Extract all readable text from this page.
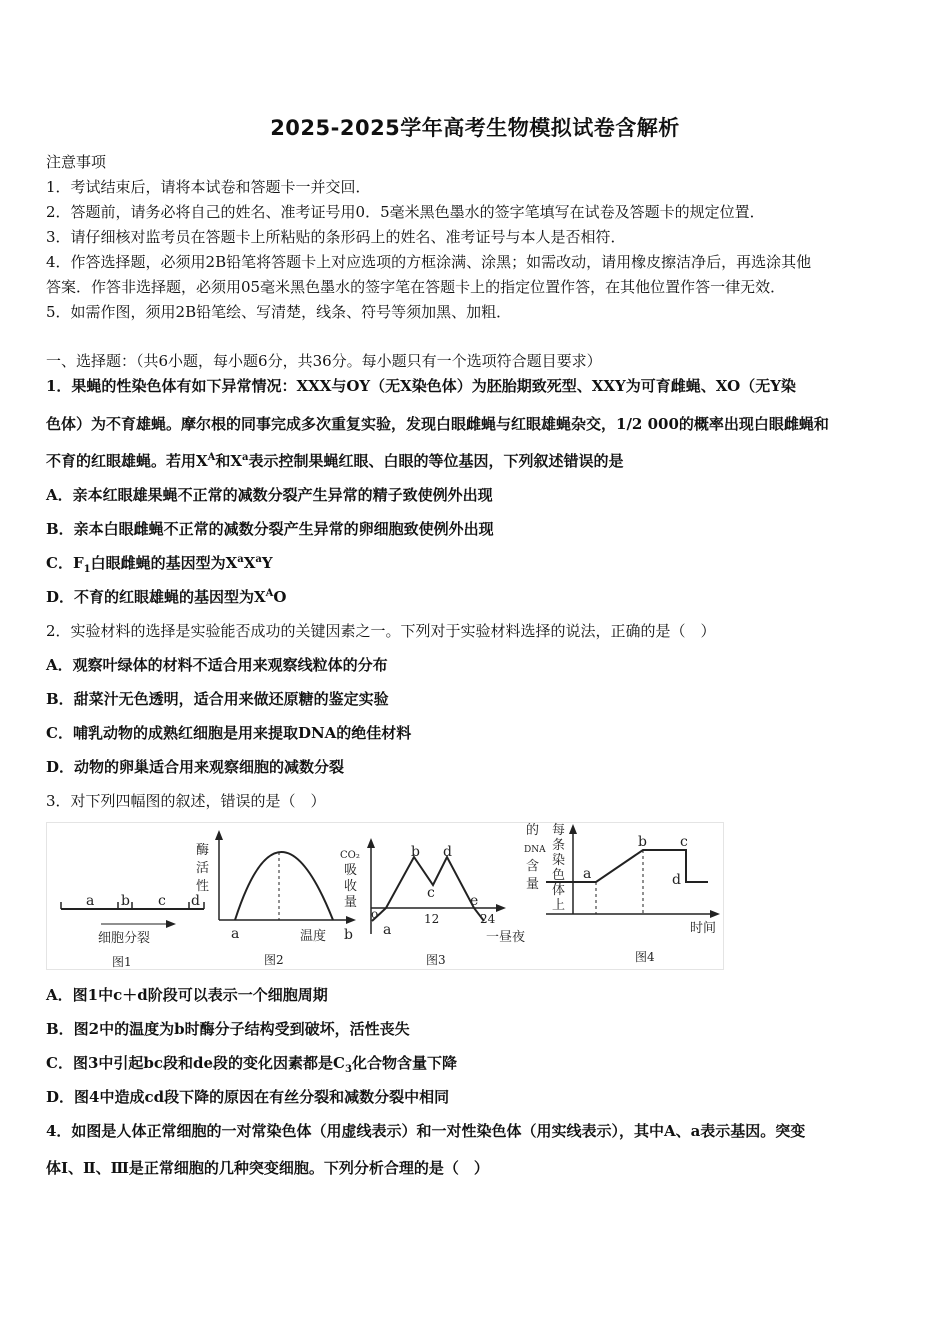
2025-2025学年高考生物模拟试卷含解析
注意事项
1．考试结束后，请将本试卷和答题卡一并交回．
2．答题前，请务必将自己的姓名、准考证号用0．5毫米黑色墨水的签字笔填写在试卷及答题卡的规定位置．
3．请仔细核对监考员在答题卡上所粘贴的条形码上的姓名、准考证号与本人是否相符．
4．作答选择题，必须用2B铅笔将答题卡上对应选项的方框涂满、涂黑；如需改动，请用橡皮擦洁净后，再选涂其他
答案．作答非选择题，必须用05毫米黑色墨水的签字笔在答题卡上的指定位置作答，在其他位置作答一律无效．
5．如需作图，须用2B铅笔绘、写清楚，线条、符号等须加黑、加粗．
一、选择题：（共6小题，每小题6分，共36分。每小题只有一个选项符合题目要求）
1．果蝇的性染色体有如下异常情况：XXX与OY（无X染色体）为胚胎期致死型、XXY为可育雌蝇、XO（无Y染
色体）为不育雄蝇。摩尔根的同事完成多次重复实验，发现白眼雌蝇与红眼雄蝇杂交，1/2 000的概率出现白眼雌蝇和
不育的红眼雄蝇。若用$X^A$和$X^a$表示控制果蝇红眼、白眼的等位基因，下列叙述错误的是
A．亲本红眼雄果蝇不正常的减数分裂产生异常的精子致使例外出现
B．亲本白眼雌蝇不正常的减数分裂产生异常的卵细胞致使例外出现
C．$F_1$白眼雌蝇的基因型为$X^aX^aY$
D．不育的红眼雄蝇的基因型为$X^AO$
2．实验材料的选择是实验能否成功的关键因素之一。下列对于实验材料选择的说法，正确的是（　）
A．观察叶绿体的材料不适合用来观察线粒体的分布
B．甜菜汁无色透明，适合用来做还原糖的鉴定实验
C．哺乳动物的成熟红细胞是用来提取DNA的绝佳材料
D．动物的卵巢适合用来观察细胞的减数分裂
3．对下列四幅图的叙述，错误的是（　）
a b c d
细胞分裂
图1
酶
活
性
a	b
温度
图2
CO₂
吸
收
量
o
a
b
c
d
e
12	24
一昼夜
图3
的
DNA
含
量
每
条
染
色
体
上
a
b c
d
时间
图4
A．图1中c＋d阶段可以表示一个细胞周期
B．图2中的温度为b时酶分子结构受到破坏，活性丧失
C．图3中引起bc段和de段的变化因素都是$C_3$化合物含量下降
D．图4中造成cd段下降的原因在有丝分裂和减数分裂中相同
4．如图是人体正常细胞的一对常染色体（用虚线表示）和一对性染色体（用实线表示），其中A、a表示基因。突变
体Ⅰ、Ⅱ、Ⅲ是正常细胞的几种突变细胞。下列分析合理的是（　）
